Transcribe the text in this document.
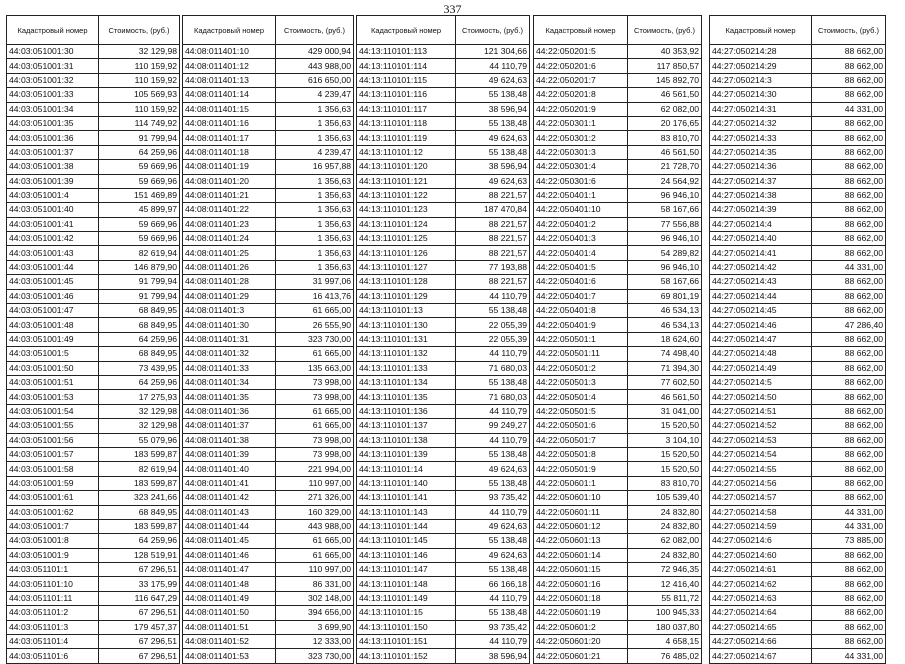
337
Кадастровый номер	Стоимость, (руб.)
44:03:051001:30	32 129,98
44:03:051001:31	110 159,92
44:03:051001:32	110 159,92
44:03:051001:33	105 569,93
44:03:051001:34	110 159,92
44:03:051001:35	114 749,92
44:03:051001:36	91 799,94
44:03:051001:37	64 259,96
44:03:051001:38	59 669,96
44:03:051001:39	59 669,96
44:03:051001:4	151 469,89
44:03:051001:40	45 899,97
44:03:051001:41	59 669,96
44:03:051001:42	59 669,96
44:03:051001:43	82 619,94
44:03:051001:44	146 879,90
44:03:051001:45	91 799,94
44:03:051001:46	91 799,94
44:03:051001:47	68 849,95
44:03:051001:48	68 849,95
44:03:051001:49	64 259,96
44:03:051001:5	68 849,95
44:03:051001:50	73 439,95
44:03:051001:51	64 259,96
44:03:051001:53	17 275,93
44:03:051001:54	32 129,98
44:03:051001:55	32 129,98
44:03:051001:56	55 079,96
44:03:051001:57	183 599,87
44:03:051001:58	82 619,94
44:03:051001:59	183 599,87
44:03:051001:61	323 241,66
44:03:051001:62	68 849,95
44:03:051001:7	183 599,87
44:03:051001:8	64 259,96
44:03:051001:9	128 519,91
44:03:051101:1	67 296,51
44:03:051101:10	33 175,99
44:03:051101:11	116 647,29
44:03:051101:2	67 296,51
44:03:051101:3	179 457,37
44:03:051101:4	67 296,51
44:03:051101:6	67 296,51
Кадастровый номер	Стоимость, (руб.)
44:08:011401:10	429 000,94
44:08:011401:12	443 988,00
44:08:011401:13	616 650,00
44:08:011401:14	4 239,47
44:08:011401:15	1 356,63
44:08:011401:16	1 356,63
44:08:011401:17	1 356,63
44:08:011401:18	4 239,47
44:08:011401:19	16 957,88
44:08:011401:20	1 356,63
44:08:011401:21	1 356,63
44:08:011401:22	1 356,63
44:08:011401:23	1 356,63
44:08:011401:24	1 356,63
44:08:011401:25	1 356,63
44:08:011401:26	1 356,63
44:08:011401:28	31 997,06
44:08:011401:29	16 413,76
44:08:011401:3	61 665,00
44:08:011401:30	26 555,90
44:08:011401:31	323 730,00
44:08:011401:32	61 665,00
44:08:011401:33	135 663,00
44:08:011401:34	73 998,00
44:08:011401:35	73 998,00
44:08:011401:36	61 665,00
44:08:011401:37	61 665,00
44:08:011401:38	73 998,00
44:08:011401:39	73 998,00
44:08:011401:40	221 994,00
44:08:011401:41	110 997,00
44:08:011401:42	271 326,00
44:08:011401:43	160 329,00
44:08:011401:44	443 988,00
44:08:011401:45	61 665,00
44:08:011401:46	61 665,00
44:08:011401:47	110 997,00
44:08:011401:48	86 331,00
44:08:011401:49	302 148,00
44:08:011401:50	394 656,00
44:08:011401:51	3 699,90
44:08:011401:52	12 333,00
44:08:011401:53	323 730,00
Кадастровый номер	Стоимость, (руб.)
44:13:110101:113	121 304,66
44:13:110101:114	44 110,79
44:13:110101:115	49 624,63
44:13:110101:116	55 138,48
44:13:110101:117	38 596,94
44:13:110101:118	55 138,48
44:13:110101:119	49 624,63
44:13:110101:12	55 138,48
44:13:110101:120	38 596,94
44:13:110101:121	49 624,63
44:13:110101:122	88 221,57
44:13:110101:123	187 470,84
44:13:110101:124	88 221,57
44:13:110101:125	88 221,57
44:13:110101:126	88 221,57
44:13:110101:127	77 193,88
44:13:110101:128	88 221,57
44:13:110101:129	44 110,79
44:13:110101:13	55 138,48
44:13:110101:130	22 055,39
44:13:110101:131	22 055,39
44:13:110101:132	44 110,79
44:13:110101:133	71 680,03
44:13:110101:134	55 138,48
44:13:110101:135	71 680,03
44:13:110101:136	44 110,79
44:13:110101:137	99 249,27
44:13:110101:138	44 110,79
44:13:110101:139	55 138,48
44:13:110101:14	49 624,63
44:13:110101:140	55 138,48
44:13:110101:141	93 735,42
44:13:110101:143	44 110,79
44:13:110101:144	49 624,63
44:13:110101:145	55 138,48
44:13:110101:146	49 624,63
44:13:110101:147	55 138,48
44:13:110101:148	66 166,18
44:13:110101:149	44 110,79
44:13:110101:15	55 138,48
44:13:110101:150	93 735,42
44:13:110101:151	44 110,79
44:13:110101:152	38 596,94
Кадастровый номер	Стоимость, (руб.)
44:22:050201:5	40 353,92
44:22:050201:6	117 850,57
44:22:050201:7	145 892,70
44:22:050201:8	46 561,50
44:22:050201:9	62 082,00
44:22:050301:1	20 176,65
44:22:050301:2	83 810,70
44:22:050301:3	46 561,50
44:22:050301:4	21 728,70
44:22:050301:6	24 564,92
44:22:050401:1	96 946,10
44:22:050401:10	58 167,66
44:22:050401:2	77 556,88
44:22:050401:3	96 946,10
44:22:050401:4	54 289,82
44:22:050401:5	96 946,10
44:22:050401:6	58 167,66
44:22:050401:7	69 801,19
44:22:050401:8	46 534,13
44:22:050401:9	46 534,13
44:22:050501:1	18 624,60
44:22:050501:11	74 498,40
44:22:050501:2	71 394,30
44:22:050501:3	77 602,50
44:22:050501:4	46 561,50
44:22:050501:5	31 041,00
44:22:050501:6	15 520,50
44:22:050501:7	3 104,10
44:22:050501:8	15 520,50
44:22:050501:9	15 520,50
44:22:050601:1	83 810,70
44:22:050601:10	105 539,40
44:22:050601:11	24 832,80
44:22:050601:12	24 832,80
44:22:050601:13	62 082,00
44:22:050601:14	24 832,80
44:22:050601:15	72 946,35
44:22:050601:16	12 416,40
44:22:050601:18	55 811,72
44:22:050601:19	100 945,33
44:22:050601:2	180 037,80
44:22:050601:20	4 658,15
44:22:050601:21	76 485,02
Кадастровый номер	Стоимость, (руб.)
44:27:050214:28	88 662,00
44:27:050214:29	88 662,00
44:27:050214:3	88 662,00
44:27:050214:30	88 662,00
44:27:050214:31	44 331,00
44:27:050214:32	88 662,00
44:27:050214:33	88 662,00
44:27:050214:35	88 662,00
44:27:050214:36	88 662,00
44:27:050214:37	88 662,00
44:27:050214:38	88 662,00
44:27:050214:39	88 662,00
44:27:050214:4	88 662,00
44:27:050214:40	88 662,00
44:27:050214:41	88 662,00
44:27:050214:42	44 331,00
44:27:050214:43	88 662,00
44:27:050214:44	88 662,00
44:27:050214:45	88 662,00
44:27:050214:46	47 286,40
44:27:050214:47	88 662,00
44:27:050214:48	88 662,00
44:27:050214:49	88 662,00
44:27:050214:5	88 662,00
44:27:050214:50	88 662,00
44:27:050214:51	88 662,00
44:27:050214:52	88 662,00
44:27:050214:53	88 662,00
44:27:050214:54	88 662,00
44:27:050214:55	88 662,00
44:27:050214:56	88 662,00
44:27:050214:57	88 662,00
44:27:050214:58	44 331,00
44:27:050214:59	44 331,00
44:27:050214:6	73 885,00
44:27:050214:60	88 662,00
44:27:050214:61	88 662,00
44:27:050214:62	88 662,00
44:27:050214:63	88 662,00
44:27:050214:64	88 662,00
44:27:050214:65	88 662,00
44:27:050214:66	88 662,00
44:27:050214:67	44 331,00
